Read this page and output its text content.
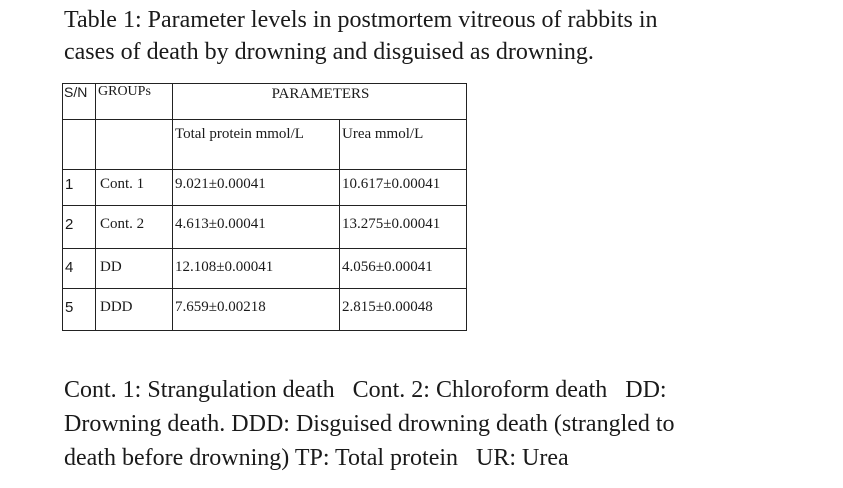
Table 1: Parameter levels in postmortem vitreous of rabbits in
cases of death by drowning and disguised as drowning.
S/N	GROUPs	PARAMETERS	
		Total protein mmol/L	Urea mmol/L
1	Cont. 1	9.021±0.00041	10.617±0.00041
2	Cont. 2	4.613±0.00041	13.275±0.00041
4	DD	12.108±0.00041	4.056±0.00041
5	DDD	7.659±0.00218	2.815±0.00048

Cont. 1: Strangulation death   Cont. 2: Chloroform death   DD:
Drowning death. DDD: Disguised drowning death (strangled to
death before drowning) TP: Total protein   UR: Urea
